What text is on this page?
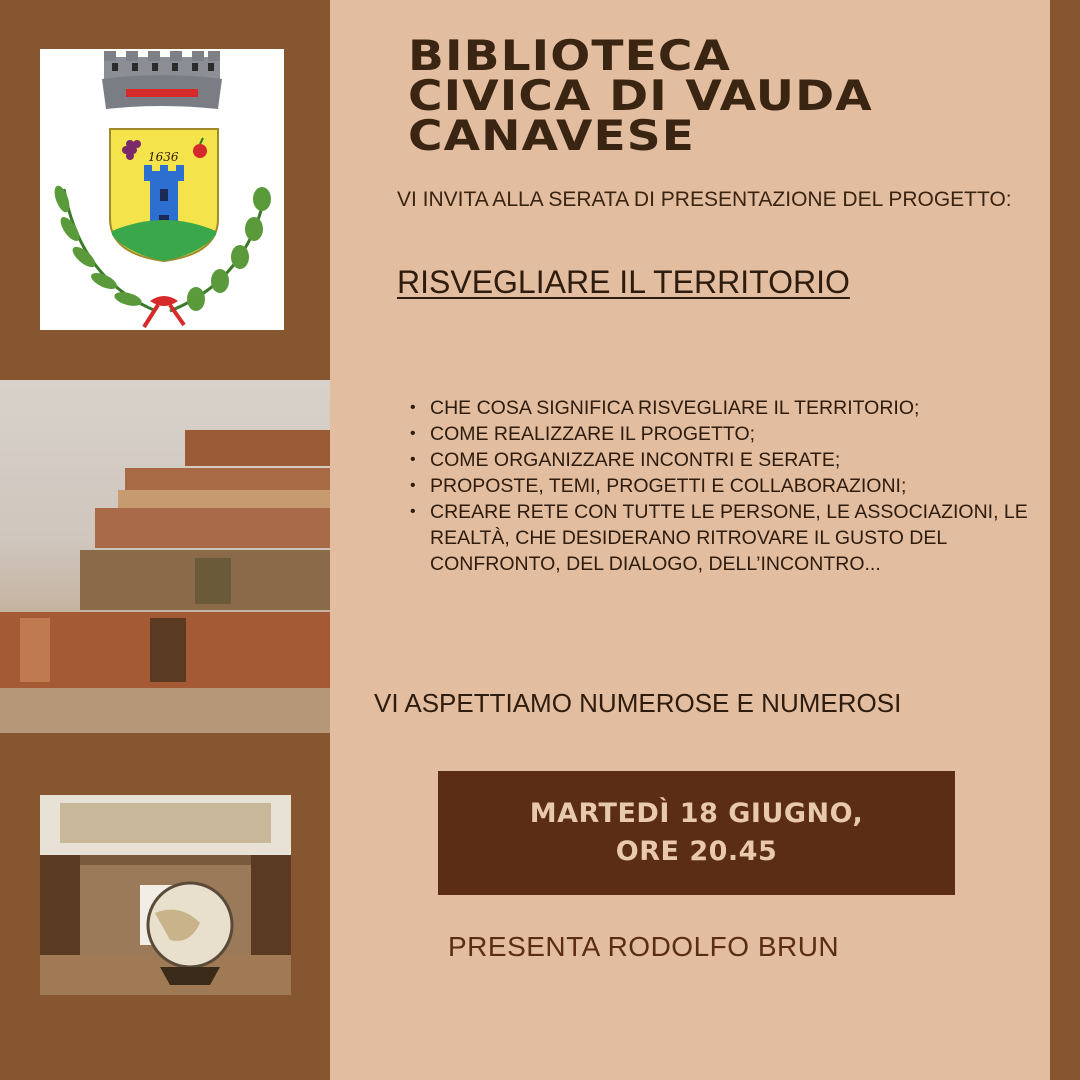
1636
BIBLIOTECA
CIVICA DI VAUDA
CANAVESE

VI INVITA ALLA SERATA DI PRESENTAZIONE DEL PROGETTO:

RISVEGLIARE IL TERRITORIO

• CHE COSA SIGNIFICA RISVEGLIARE IL TERRITORIO;
• COME REALIZZARE IL PROGETTO;
• COME ORGANIZZARE INCONTRI E SERATE;
• PROPOSTE, TEMI, PROGETTI E COLLABORAZIONI;
• CREARE RETE CON TUTTE LE PERSONE, LE ASSOCIAZIONI, LE REALTÀ, CHE DESIDERANO RITROVARE IL GUSTO DEL CONFRONTO, DEL DIALOGO, DELL’INCONTRO...

VI ASPETTIAMO NUMEROSE E NUMEROSI

MARTEDÌ 18 GIUGNO,
ORE 20.45

PRESENTA RODOLFO BRUN
